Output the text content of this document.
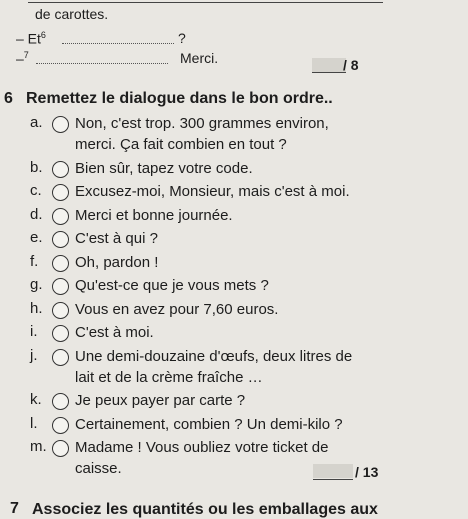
de carottes.
– Et$^6$	?
–$^7$	Merci.	/ 8
6 Remettez le dialogue dans le bon ordre..
a. Non, c'est trop. 300 grammes environ,
merci. Ça fait combien en tout ?
b. Bien sûr, tapez votre code.
c. Excusez-moi, Monsieur, mais c'est à moi.
d. Merci et bonne journée.
e. C'est à qui ?
f. Oh, pardon !
g. Qu'est-ce que je vous mets ?
h. Vous en avez pour 7,60 euros.
i.	C'est à moi.
j.	Une demi-douzaine d'œufs, deux litres de
lait et de la crème fraîche …
k. Je peux payer par carte ?
l.	Certainement, combien ? Un demi-kilo ?
m. Madame ! Vous oubliez votre ticket de
caisse.	/ 13
7 Associez les quantités ou les emballages aux
